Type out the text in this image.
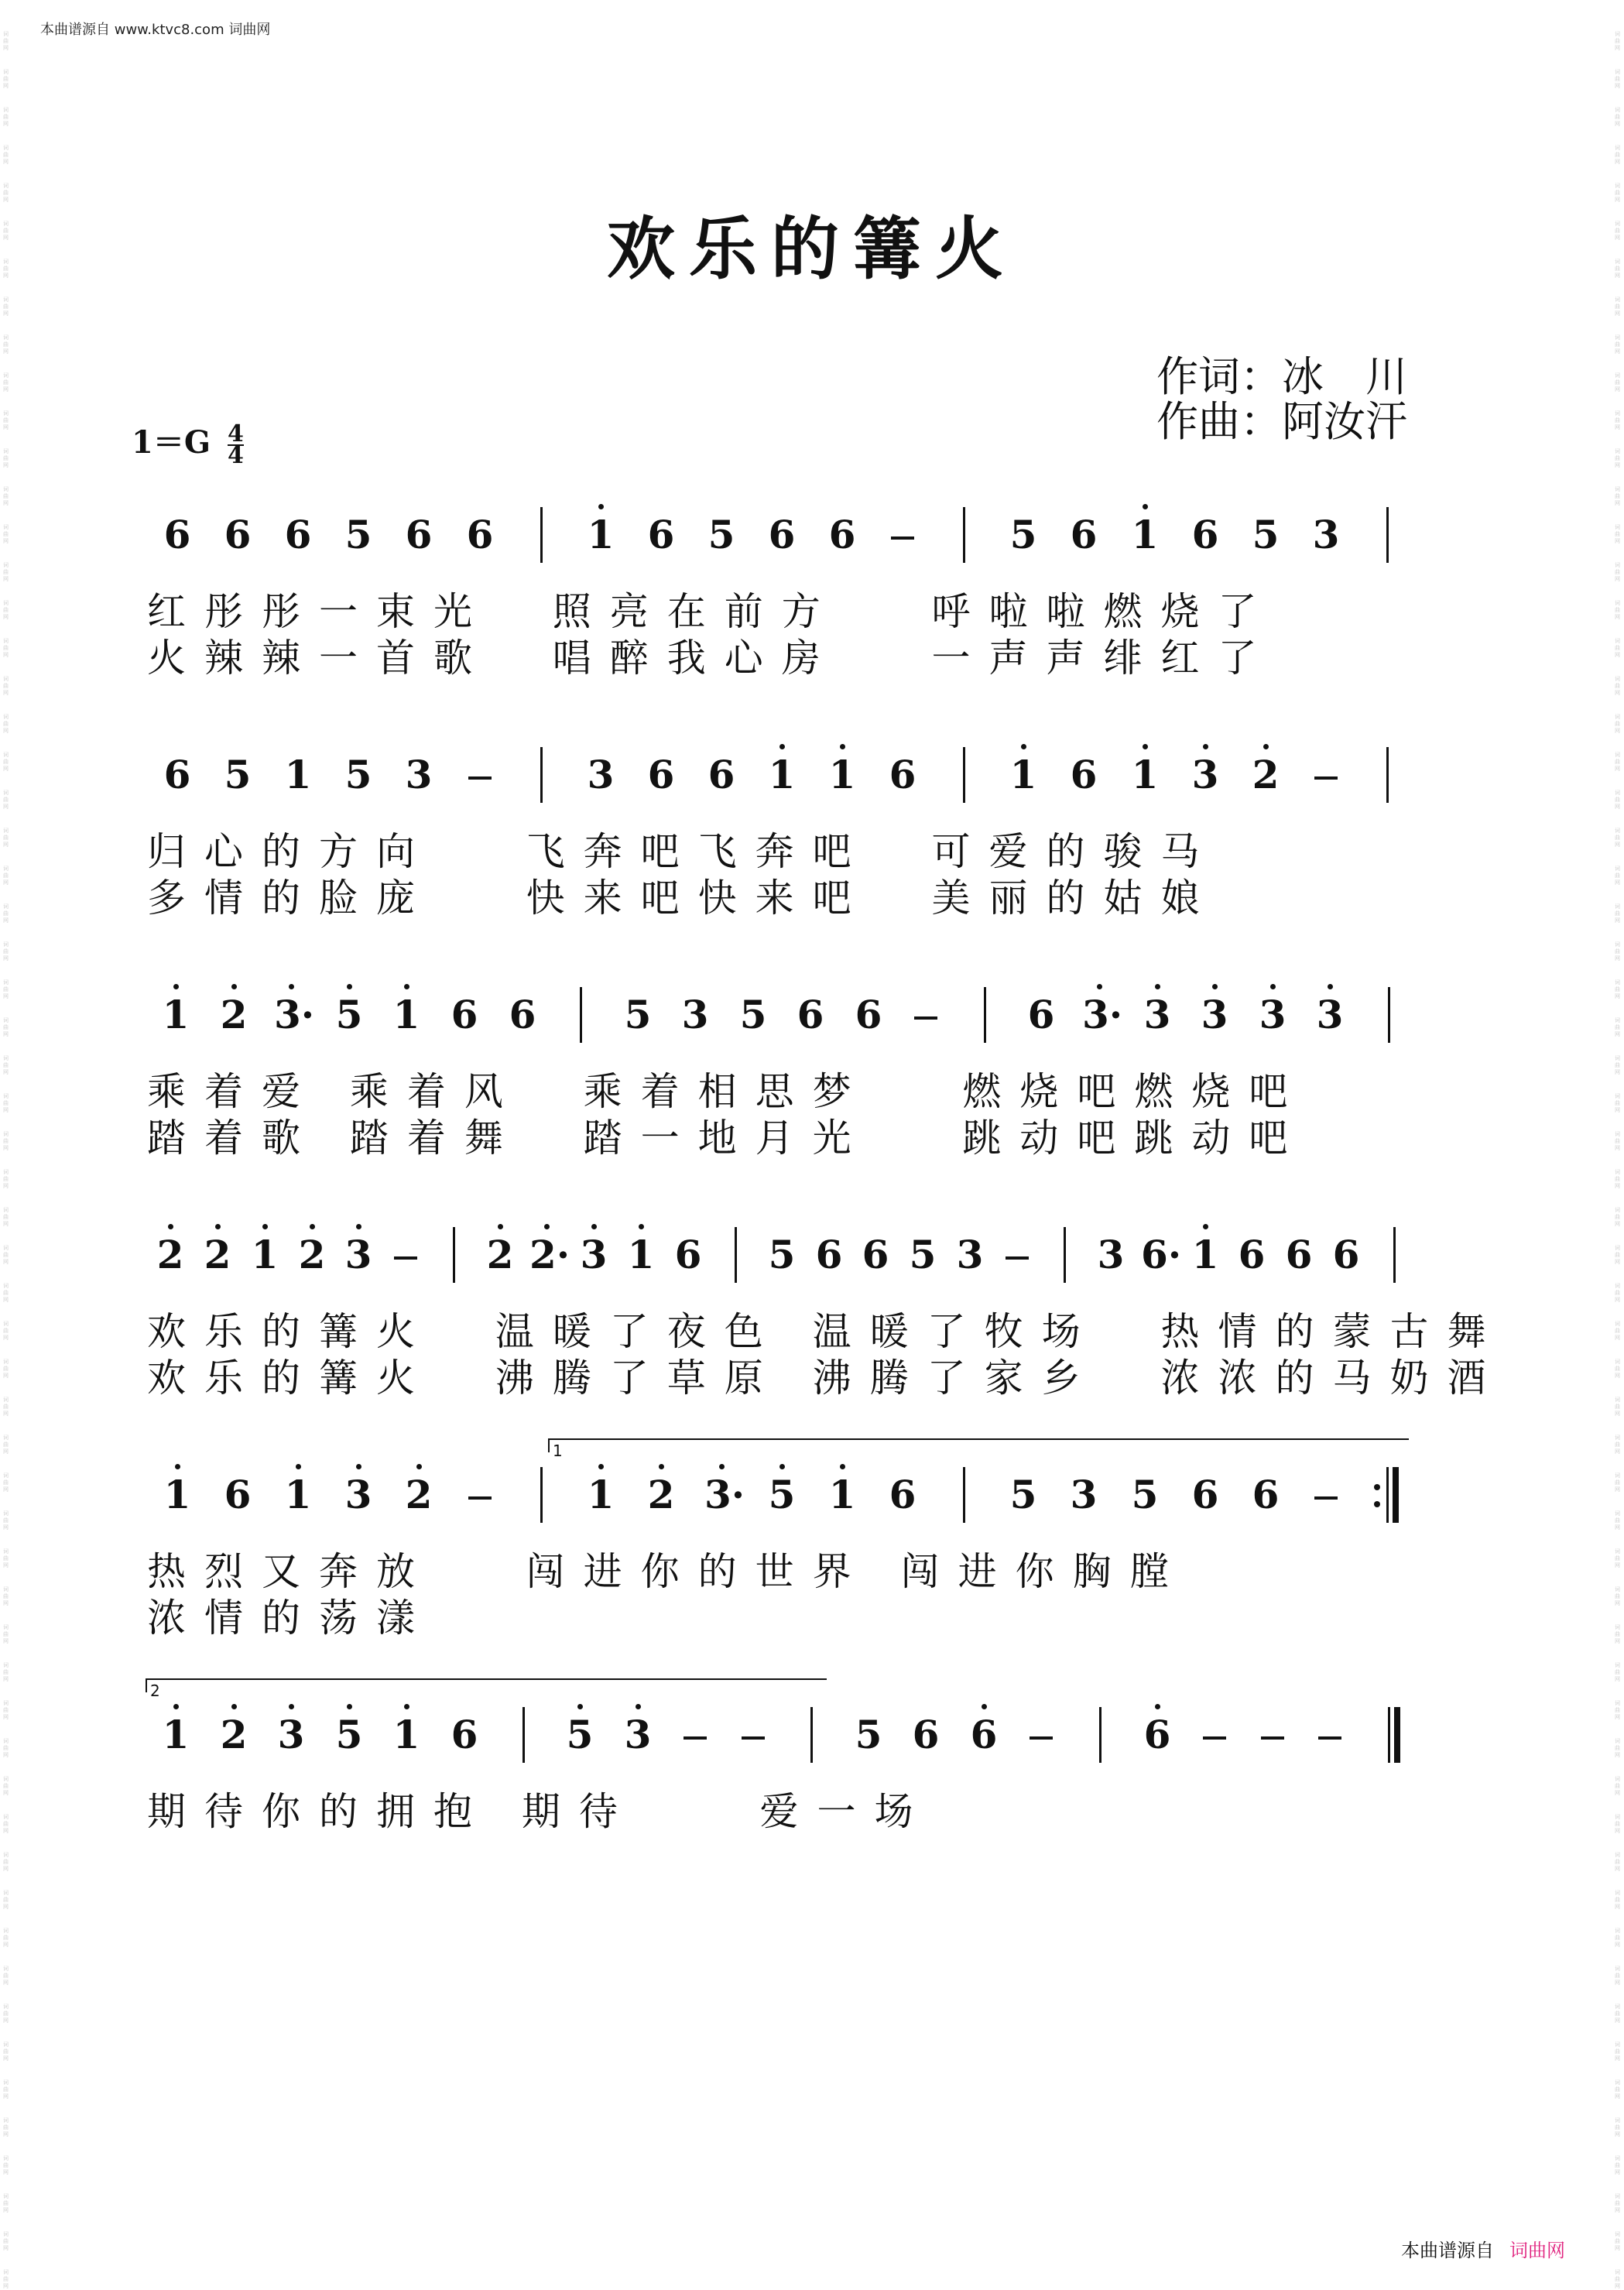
本曲谱源自 www.ktvc8.com 词曲网
词曲网
词曲网
词曲网
词曲网
词曲网
词曲网
词曲网
词曲网
词曲网
词曲网
词曲网
词曲网
词曲网
词曲网
词曲网
词曲网
词曲网
词曲网
词曲网
词曲网
词曲网
词曲网
词曲网
词曲网
词曲网
词曲网
词曲网
词曲网
词曲网
词曲网
词曲网
词曲网
词曲网
词曲网
词曲网
词曲网
词曲网
词曲网
词曲网
词曲网
词曲网
词曲网
词曲网
词曲网
词曲网
词曲网
词曲网
词曲网
词曲网
词曲网
词曲网
词曲网
词曲网
词曲网
词曲网
词曲网
词曲网
词曲网
词曲网
词曲网
词曲网
词曲网
词曲网
词曲网
词曲网
词曲网
词曲网
词曲网
词曲网
词曲网
词曲网
词曲网
词曲网
词曲网
词曲网
词曲网
词曲网
词曲网
词曲网
词曲网
词曲网
词曲网
词曲网
词曲网
词曲网
词曲网
词曲网
词曲网
词曲网
词曲网
词曲网
词曲网
词曲网
词曲网
词曲网
词曲网
词曲网
词曲网
词曲网
词曲网
词曲网
词曲网
词曲网
词曲网
词曲网
词曲网
词曲网
词曲网
词曲网
词曲网
词曲网
词曲网
词曲网
词曲网
词曲网
词曲网
词曲网
词曲网
词曲网
词曲网
欢乐的篝火
作词：冰　川
作曲：阿汝汗
$1=G \frac{4}{4}$
6 6 6 5 6 6 1 6 5 6 6	5 6 1 6 5 3
红彤彤一束光  照亮在前方   呼啦啦燃烧了
火辣辣一首歌  唱醉我心房   一声声绯红了
6 5 1 5 3	3 6 6 1 1 6 1 6 1 3 2
归心的方向   飞奔吧飞奔吧  可爱的骏马
多情的脸庞   快来吧快来吧  美丽的姑娘
1 2 3· 5 1 6 6 5 3 5 6 6	6 3· 3 3 3 3
乘着爱 乘着风  乘着相思梦   燃烧吧燃烧吧
踏着歌 踏着舞  踏一地月光   跳动吧跳动吧
2 2 1 2 3	2 2· 3 1 6 5 6 6 5 3	3 6· 1 6 6 6
欢乐的篝火  温暖了夜色 温暖了牧场  热情的蒙古舞
欢乐的篝火  沸腾了草原 沸腾了家乡  浓浓的马奶酒
1 6 1 3 2	1 2 3· 5 1 6 5 3 5 6 6
热烈又奔放   闯进你的世界 闯进你胸膛
浓情的荡漾
1 2 3 5 1 6 5 3	5 6 6	6
期待你的拥抱 期待    爱一场
1
2
本曲谱源自 词曲网
